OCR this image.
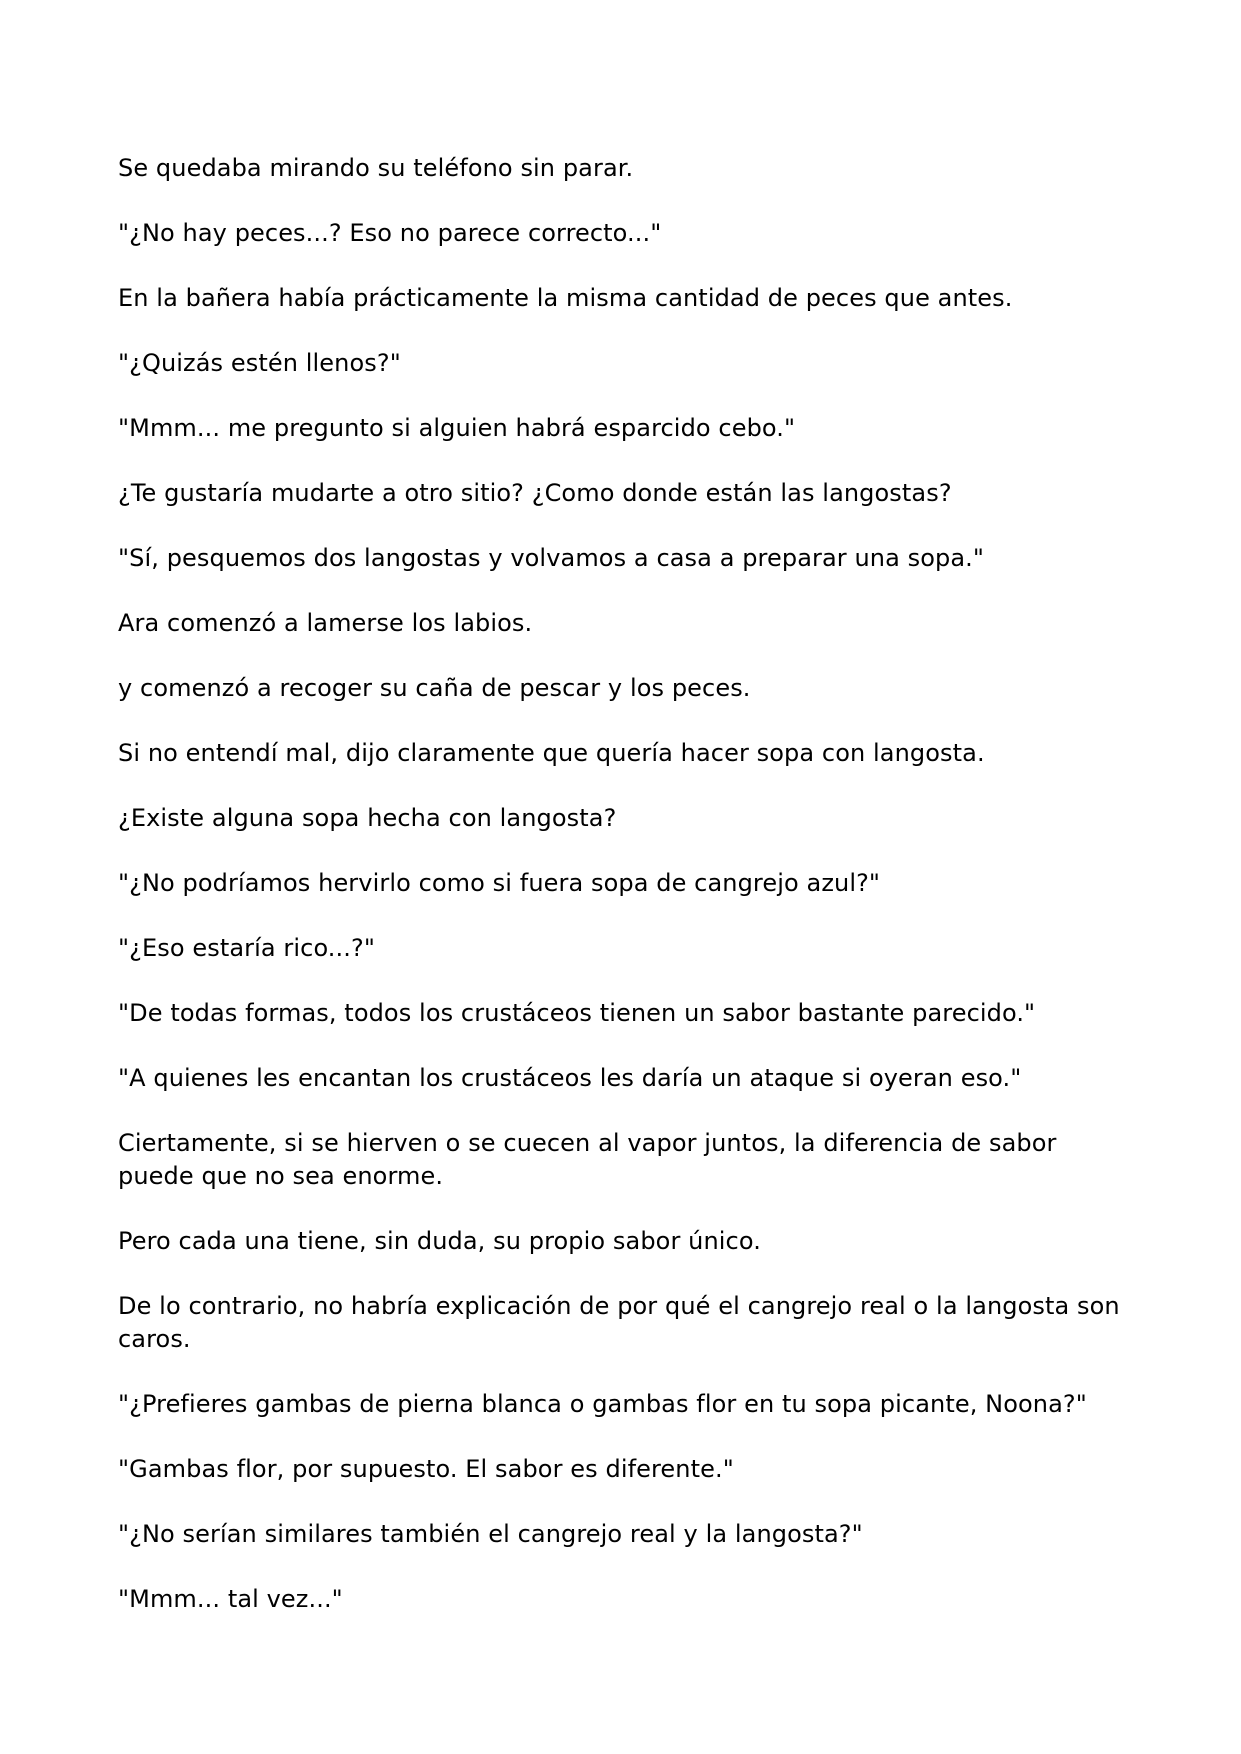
Se quedaba mirando su teléfono sin parar.

"¿No hay peces...? Eso no parece correcto..."

En la bañera había prácticamente la misma cantidad de peces que antes.

"¿Quizás estén llenos?"

"Mmm... me pregunto si alguien habrá esparcido cebo."

¿Te gustaría mudarte a otro sitio? ¿Como donde están las langostas?

"Sí, pesquemos dos langostas y volvamos a casa a preparar una sopa."

Ara comenzó a lamerse los labios.

y comenzó a recoger su caña de pescar y los peces.

Si no entendí mal, dijo claramente que quería hacer sopa con langosta.

¿Existe alguna sopa hecha con langosta?

"¿No podríamos hervirlo como si fuera sopa de cangrejo azul?"

"¿Eso estaría rico...?"

"De todas formas, todos los crustáceos tienen un sabor bastante parecido."

"A quienes les encantan los crustáceos les daría un ataque si oyeran eso."

Ciertamente, si se hierven o se cuecen al vapor juntos, la diferencia de sabor puede que no sea enorme.

Pero cada una tiene, sin duda, su propio sabor único.

De lo contrario, no habría explicación de por qué el cangrejo real o la langosta son caros.

"¿Prefieres gambas de pierna blanca o gambas flor en tu sopa picante, Noona?"

"Gambas flor, por supuesto. El sabor es diferente."

"¿No serían similares también el cangrejo real y la langosta?"

"Mmm... tal vez..."
